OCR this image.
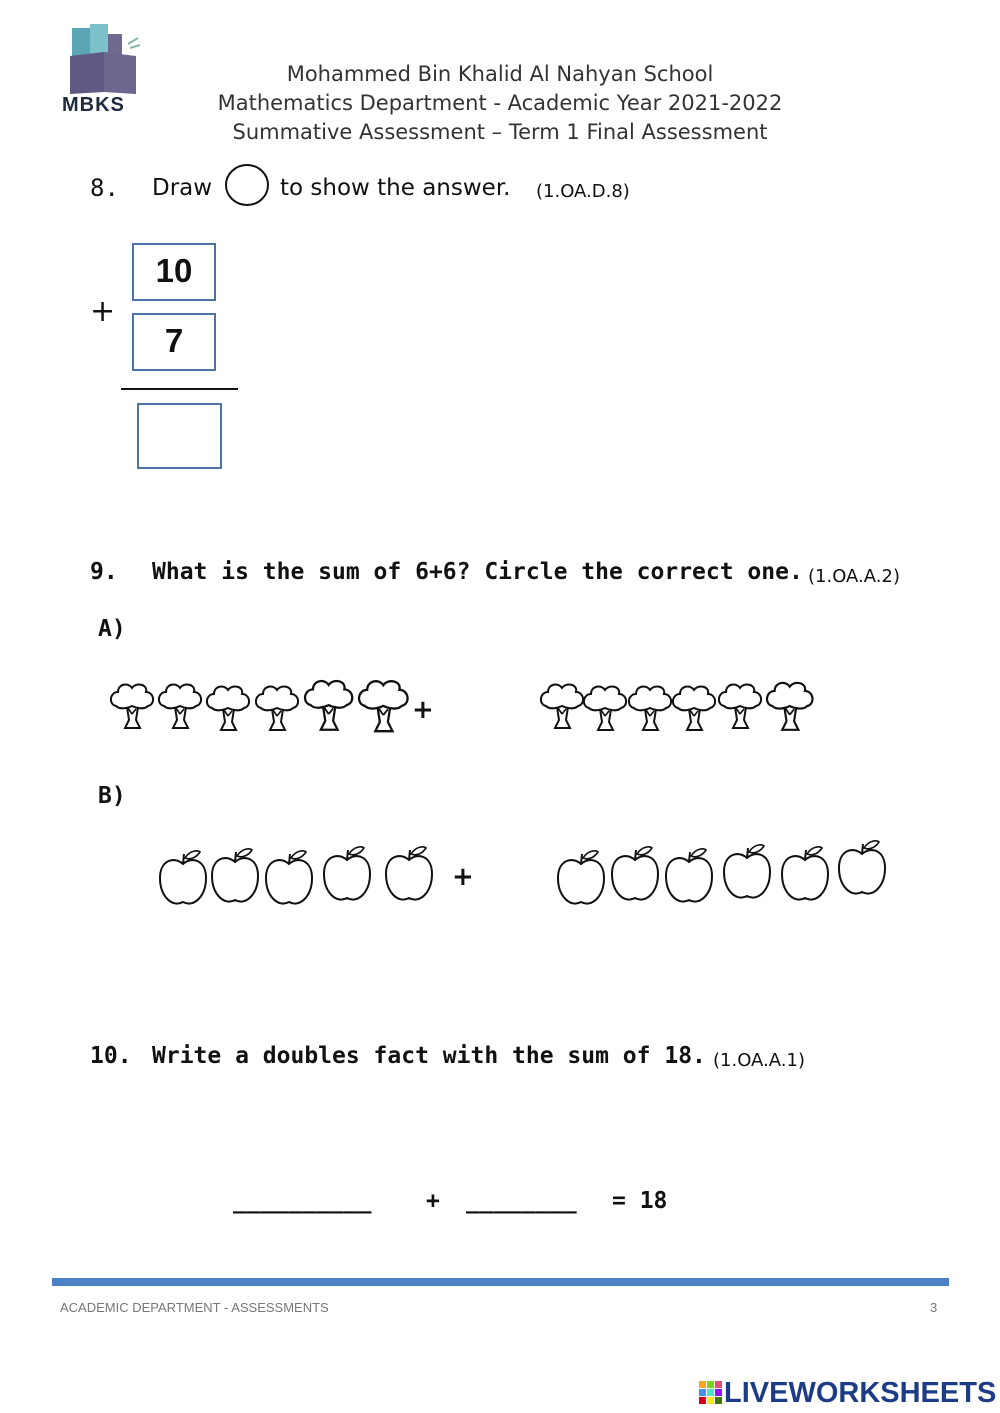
MBKS
Mohammed Bin Khalid Al Nahyan School
Mathematics Department - Academic Year 2021-2022
Summative Assessment – Term 1 Final Assessment
8. Draw	to show the answer. (1.OA.D.8)
10
+
7
9. What is the sum of 6+6? Circle the correct one. (1.OA.A.2)
A)
+
B)
+
10. Write a doubles fact with the sum of 18. (1.OA.A.1)
__________ + ________ = 18
ACADEMIC DEPARTMENT - ASSESSMENTS	3
LIVEWORKSHEETS
